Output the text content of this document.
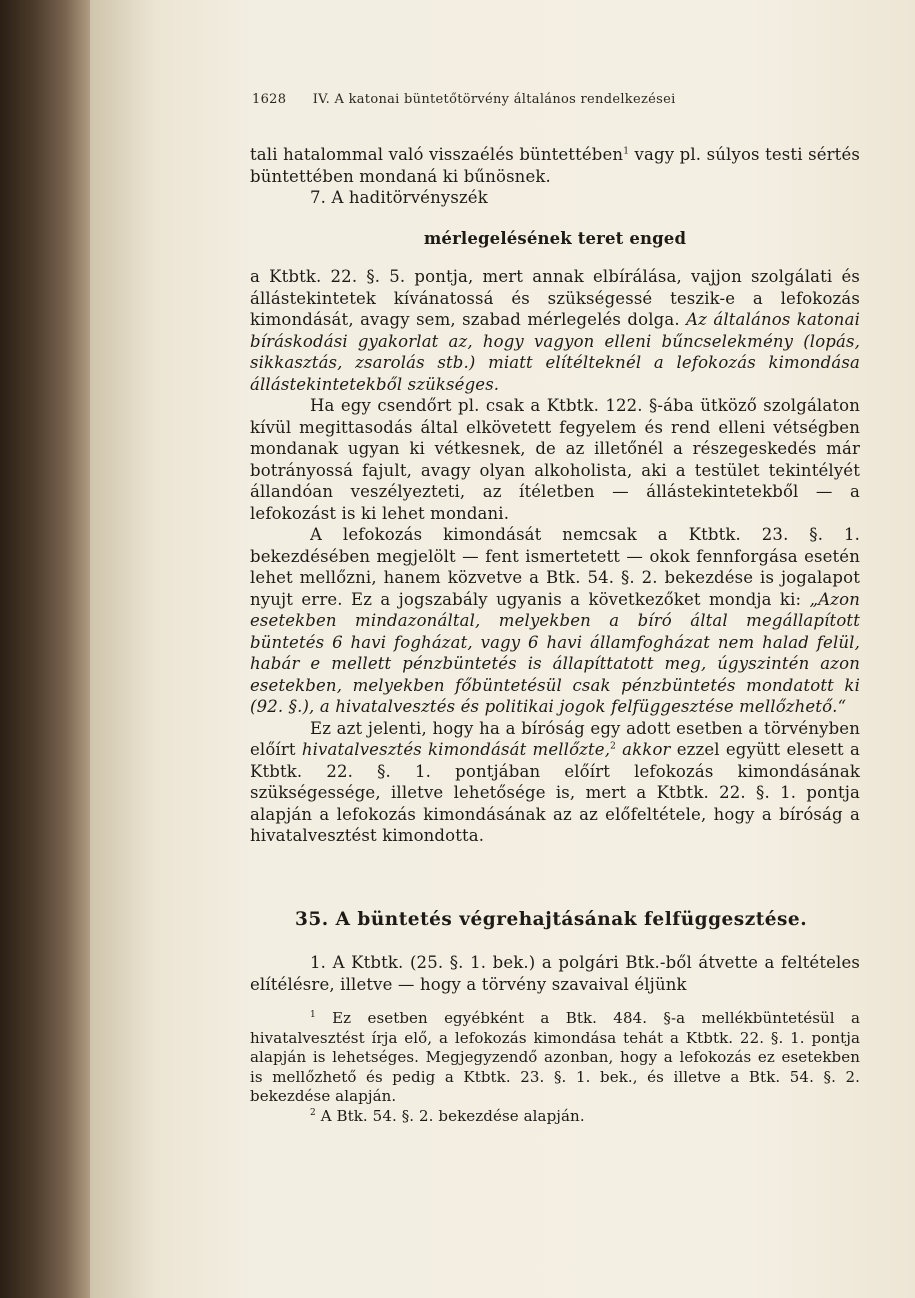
1628 IV. A katonai büntetőtörvény általános rendelkezései

tali hatalommal való visszaélés büntettében$^1$ vagy pl. súlyos testi sértés büntettében mondaná ki bűnösnek.

7. A haditörvényszék

mérlegelésének teret enged

a Ktbtk. 22. §. 5. pontja, mert annak elbírálása, vajjon szolgálati és állástekintetek kívánatossá és szükségessé teszik-e a lefokozás kimondását, avagy sem, szabad mérlegelés dolga. Az általános katonai bíráskodási gyakorlat az, hogy vagyon elleni bűncselekmény (lopás, sikkasztás, zsarolás stb.) miatt elítélteknél a lefokozás kimondása állástekintetekből szükséges.

Ha egy csendőrt pl. csak a Ktbtk. 122. §-ába ütköző szolgálaton kívül megittasodás által elkövetett fegyelem és rend elleni vétségben mondanak ugyan ki vétkesnek, de az illetőnél a részegeskedés már botrányossá fajult, avagy olyan alkoholista, aki a testület tekintélyét állandóan veszélyezteti, az ítéletben — állástekintetekből — a lefokozást is ki lehet mondani.

A lefokozás kimondását nemcsak a Ktbtk. 23. §. 1. bekezdésében megjelölt — fent ismertetett — okok fennforgása esetén lehet mellőzni, hanem közvetve a Btk. 54. §. 2. bekezdése is jogalapot nyujt erre. Ez a jogszabály ugyanis a következőket mondja ki: „Azon esetekben mindazonáltal, melyekben a bíró által megállapított büntetés 6 havi fogházat, vagy 6 havi államfogházat nem halad felül, habár e mellett pénzbüntetés is állapíttatott meg, úgyszintén azon esetekben, melyekben főbüntetésül csak pénzbüntetés mondatott ki (92. §.), a hivatalvesztés és politikai jogok felfüggesztése mellőzhető.“

Ez azt jelenti, hogy ha a bíróság egy adott esetben a törvényben előírt hivatalvesztés kimondását mellőzte,$^2$ akkor ezzel együtt elesett a Ktbtk. 22. §. 1. pontjában előírt lefokozás kimondásának szükségessége, illetve lehetősége is, mert a Ktbtk. 22. §. 1. pontja alapján a lefokozás kimondásának az az előfeltétele, hogy a bíróság a hivatalvesztést kimondotta.

35. A büntetés végrehajtásának felfüggesztése.

1. A Ktbtk. (25. §. 1. bek.) a polgári Btk.-ből átvette a feltételes elítélésre, illetve — hogy a törvény szavaival éljünk

$^1$ Ez esetben egyébként a Btk. 484. §-a mellékbüntetésül a hivatalvesztést írja elő, a lefokozás kimondása tehát a Ktbtk. 22. §. 1. pontja alapján is lehetséges. Megjegyzendő azonban, hogy a lefokozás ez esetekben is mellőzhető és pedig a Ktbtk. 23. §. 1. bek., és illetve a Btk. 54. §. 2. bekezdése alapján.

$^2$ A Btk. 54. §. 2. bekezdése alapján.
